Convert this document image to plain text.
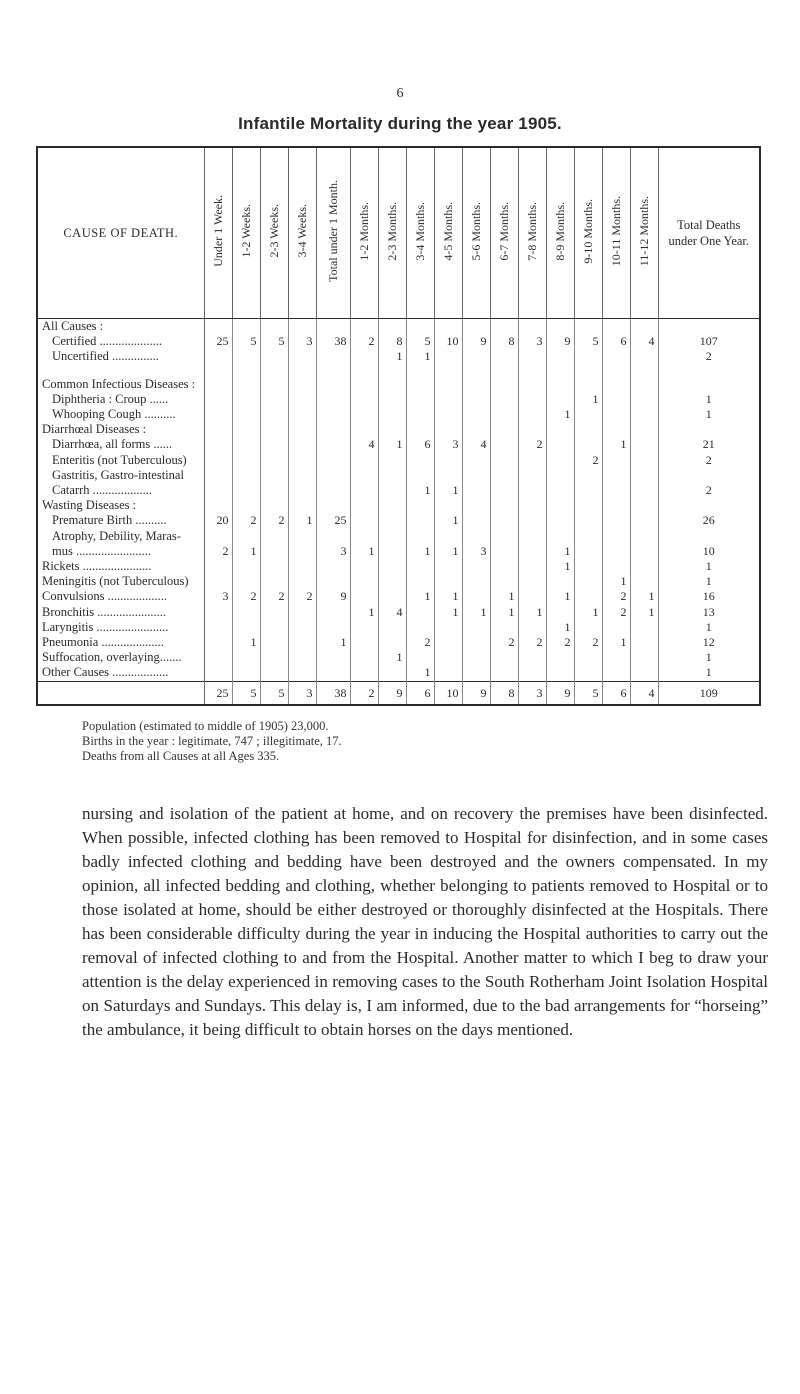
6
Infantile Mortality during the year 1905.
CAUSE OF DEATH.	Under 1 Week.	1-2 Weeks.	2-3 Weeks.	3-4 Weeks.	Total under 1 Month.	1-2 Months.	2-3 Months.	3-4 Months.	4-5 Months.	5-6 Months.	6-7 Months.	7-8 Months.	8-9 Months.	9-10 Months.	10-11 Months.	11-12 Months.	Total Deaths under One Year.
All Causes :																	
Certified ....................	25	5	5	3	38	2	8	5	10	9	8	3	9	5	6	4	107
Uncertified ...............							1	1									2

Common Infectious Diseases :																	
Diphtheria : Croup ......														1			1
Whooping Cough ..........													1				1
Diarrhœal Diseases :																	
Diarrhœa, all forms ......						4	1	6	3	4		2			1		21
Enteritis (not Tuberculous)														2			2
Gastritis, Gastro-intestinal																	
Catarrh ...................								1	1								2
Wasting Diseases :																	
Premature Birth ..........	20	2	2	1	25				1								26
Atrophy, Debility, Maras-																	
mus ........................	2	1			3	1		1	1	3			1				10
Rickets ......................													1				1
Meningitis (not Tuberculous)															1		1
Convulsions ...................	3	2	2	2	9			1	1		1		1		2	1	16
Bronchitis ......................						1	4		1	1	1	1		1	2	1	13
Laryngitis .......................													1				1
Pneumonia ....................		1			1			2			2	2	2	2	1		12
Suffocation, overlaying.......							1										1
Other Causes ..................								1									1
	25	5	5	3	38	2	9	6	10	9	8	3	9	5	6	4	109
Population (estimated to middle of 1905) 23,000.
Births in the year : legitimate, 747 ; illegitimate, 17.
Deaths from all Causes at all Ages 335.

nursing and isolation of the patient at home, and on recovery the premises have been disinfected. When possible, infected clothing has been removed to Hospital for disinfection, and in some cases badly infected clothing and bedding have been destroyed and the owners compensated. In my opinion, all infected bedding and clothing, whether belonging to patients removed to Hospital or to those isolated at home, should be either destroyed or thoroughly disinfected at the Hospitals. There has been considerable difficulty during the year in inducing the Hospital authorities to carry out the removal of infected clothing to and from the Hospital. Another matter to which I beg to draw your attention is the delay experienced in removing cases to the South Rotherham Joint Isolation Hospital on Saturdays and Sundays. This delay is, I am informed, due to the bad arrangements for “horseing” the ambulance, it being difficult to obtain horses on the days mentioned.
